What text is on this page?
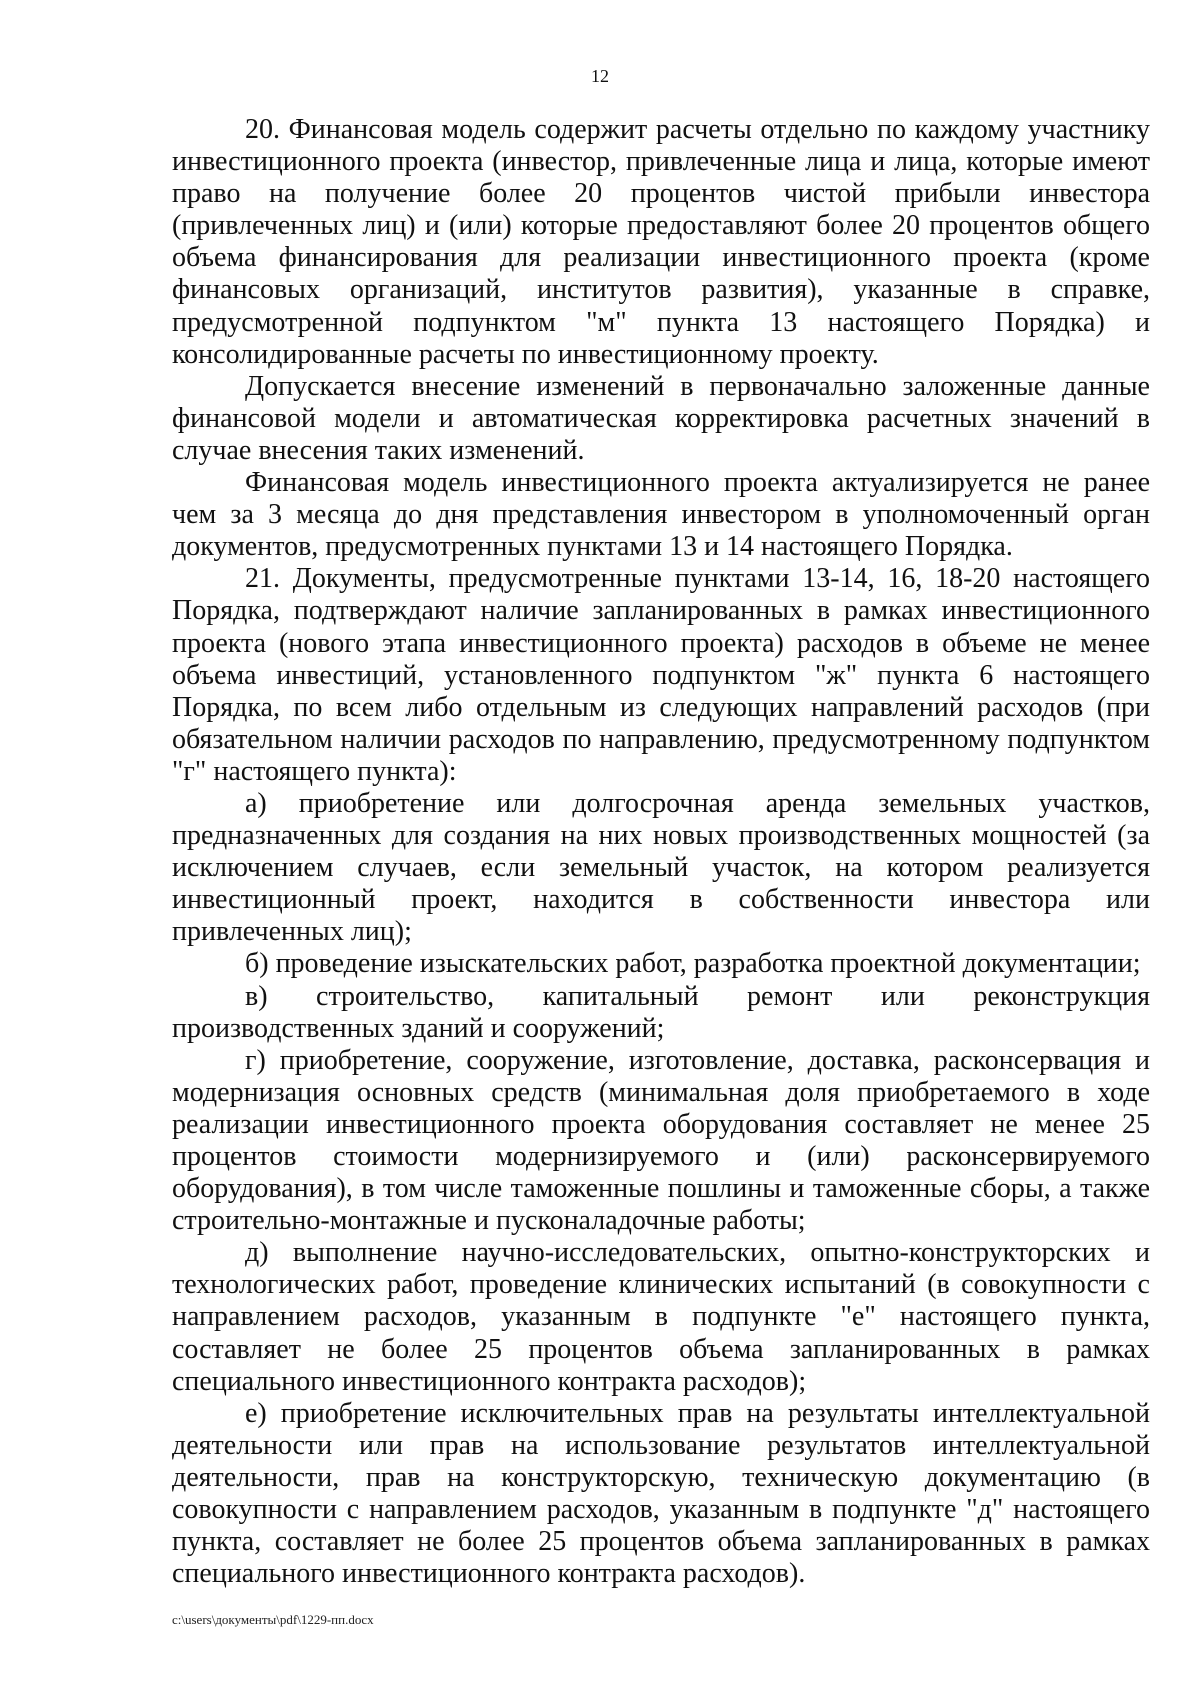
12

20. Финансовая модель содержит расчеты отдельно по каждому участнику инвестиционного проекта (инвестор, привлеченные лица и лица, которые имеют право на получение более 20 процентов чистой прибыли инвестора (привлеченных лиц) и (или) которые предоставляют более 20 процентов общего объема финансирования для реализации инвестиционного проекта (кроме финансовых организаций, институтов развития), указанные в справке, предусмотренной подпунктом "м" пункта 13 настоящего Порядка) и консолидированные расчеты по инвестиционному проекту.

Допускается внесение изменений в первоначально заложенные данные финансовой модели и автоматическая корректировка расчетных значений в случае внесения таких изменений.

Финансовая модель инвестиционного проекта актуализируется не ранее чем за 3 месяца до дня представления инвестором в уполномоченный орган документов, предусмотренных пунктами 13 и 14 настоящего Порядка.

21. Документы, предусмотренные пунктами 13-14, 16, 18-20 настоящего Порядка, подтверждают наличие запланированных в рамках инвестиционного проекта (нового этапа инвестиционного проекта) расходов в объеме не менее объема инвестиций, установленного подпунктом "ж" пункта 6 настоящего Порядка, по всем либо отдельным из следующих направлений расходов (при обязательном наличии расходов по направлению, предусмотренному подпунктом "г" настоящего пункта):

а) приобретение или долгосрочная аренда земельных участков, предназначенных для создания на них новых производственных мощностей (за исключением случаев, если земельный участок, на котором реализуется инвестиционный проект, находится в собственности инвестора или привлеченных лиц);

б) проведение изыскательских работ, разработка проектной документации;

в) строительство, капитальный ремонт или реконструкция производственных зданий и сооружений;

г) приобретение, сооружение, изготовление, доставка, расконсервация и модернизация основных средств (минимальная доля приобретаемого в ходе реализации инвестиционного проекта оборудования составляет не менее 25 процентов стоимости модернизируемого и (или) расконсервируемого оборудования), в том числе таможенные пошлины и таможенные сборы, а также строительно-монтажные и пусконаладочные работы;

д) выполнение научно-исследовательских, опытно-конструкторских и технологических работ, проведение клинических испытаний (в совокупности с направлением расходов, указанным в подпункте "е" настоящего пункта, составляет не более 25 процентов объема запланированных в рамках специального инвестиционного контракта расходов);

е) приобретение исключительных прав на результаты интеллектуальной деятельности или прав на использование результатов интеллектуальной деятельности, прав на конструкторскую, техническую документацию (в совокупности с направлением расходов, указанным в подпункте "д" настоящего пункта, составляет не более 25 процентов объема запланированных в рамках специального инвестиционного контракта расходов).

c:\users\документы\pdf\1229-пп.docx
